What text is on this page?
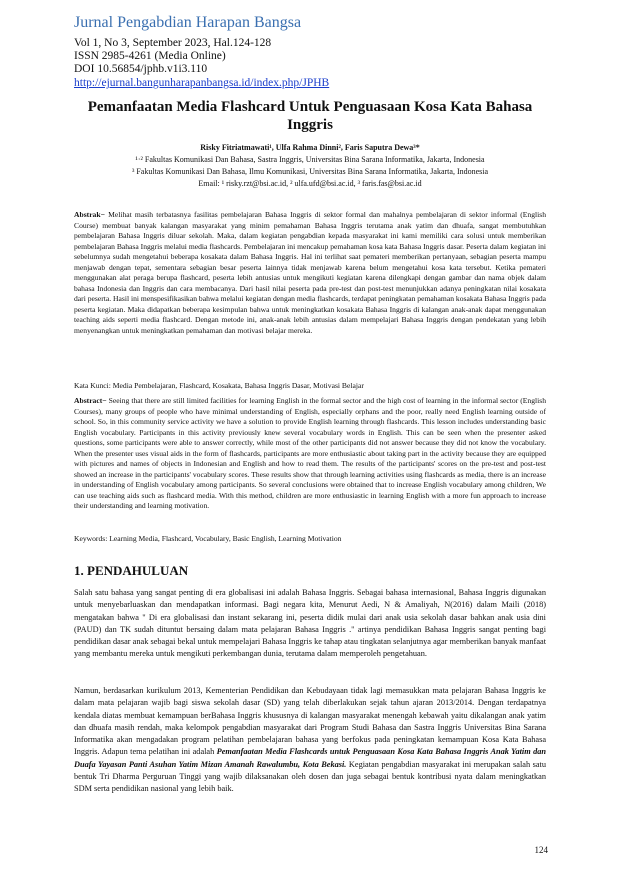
Jurnal Pengabdian Harapan Bangsa
Vol 1, No 3, September 2023, Hal.124-128
ISSN 2985-4261 (Media Online)
DOI 10.56854/jphb.v1i3.110
http://ejurnal.bangunharapanbangsa.id/index.php/JPHB
Pemanfaatan Media Flashcard Untuk Penguasaan Kosa Kata Bahasa Inggris
Risky Fitriatmawati¹, Ulfa Rahma Dinni², Faris Saputra Dewa³*
¹·² Fakultas Komunikasi Dan Bahasa, Sastra Inggris, Universitas Bina Sarana Informatika, Jakarta, Indonesia
³ Fakultas Komunikasi Dan Bahasa, Ilmu Komunikasi, Universitas Bina Sarana Informatika, Jakarta, Indonesia
Email: ¹ risky.rzt@bsi.ac.id, ² ulfa.ufd@bsi.ac.id, ³ faris.fas@bsi.ac.id
Abstrak− Melihat masih terbatasnya fasilitas pembelajaran Bahasa Inggris di sektor formal dan mahalnya pembelajaran di sektor informal (English Course) membuat banyak kalangan masyarakat yang minim pemahaman Bahasa Inggris terutama anak yatim dan dhuafa, sangat membutuhkan pembelajaran Bahasa Inggris diluar sekolah. Maka, dalam kegiatan pengabdian kepada masyarakat ini kami memiliki cara solusi untuk memberikan pembelajaran Bahasa Inggris melalui media flashcards. Pembelajaran ini mencakup pemahaman kosa kata Bahasa Inggris dasar. Peserta dalam kegiatan ini sebelumnya sudah mengetahui beberapa kosakata dalam Bahasa Inggris. Hal ini terlihat saat pemateri memberikan pertanyaan, sebagian peserta mampu menjawab dengan tepat, sementara sebagian besar peserta lainnya tidak menjawab karena belum mengetahui kosa kata tersebut. Ketika pemateri menggunakan alat peraga berupa flashcard, peserta lebih antusias untuk mengikuti kegiatan karena dilengkapi dengan gambar dan nama objek dalam bahasa Indonesia dan Inggris dan cara membacanya. Dari hasil nilai peserta pada pre-test dan post-test menunjukkan adanya peningkatan nilai kosakata dari peserta. Hasil ini menspesifikasikan bahwa melalui kegiatan dengan media flashcards, terdapat peningkatan pemahaman kosakata Bahasa Inggris pada peserta kegiatan. Maka didapatkan beberapa kesimpulan bahwa untuk meningkatkan kosakata Bahasa Inggris di kalangan anak-anak dapat menggunakan teaching aids seperti media flashcard. Dengan metode ini, anak-anak lebih antusias dalam mempelajari Bahasa Inggris dengan pendekatan yang lebih menyenangkan untuk meningkatkan pemahaman dan motivasi belajar mereka.
Kata Kunci: Media Pembelajaran, Flashcard, Kosakata, Bahasa Inggris Dasar, Motivasi Belajar
Abstract− Seeing that there are still limited facilities for learning English in the formal sector and the high cost of learning in the informal sector (English Courses), many groups of people who have minimal understanding of English, especially orphans and the poor, really need English learning outside of school. So, in this community service activity we have a solution to provide English learning through flashcards. This lesson includes understanding basic English vocabulary. Participants in this activity previously knew several vocabulary words in English. This can be seen when the presenter asked questions, some participants were able to answer correctly, while most of the other participants did not answer because they did not know the vocabulary. When the presenter uses visual aids in the form of flashcards, participants are more enthusiastic about taking part in the activity because they are equipped with pictures and names of objects in Indonesian and English and how to read them. The results of the participants' scores on the pre-test and post-test showed an increase in the participants' vocabulary scores. These results show that through learning activities using flashcards as media, there is an increase in understanding of English vocabulary among participants. So several conclusions were obtained that to increase English vocabulary among children, We can use teaching aids such as flashcard media. With this method, children are more enthusiastic in learning English with a more fun approach to increase their understanding and learning motivation.
Keywords: Learning Media, Flashcard, Vocabulary, Basic English, Learning Motivation
1. PENDAHULUAN
Salah satu bahasa yang sangat penting di era globalisasi ini adalah Bahasa Inggris. Sebagai bahasa internasional, Bahasa Inggris digunakan untuk menyebarluaskan dan mendapatkan informasi. Bagi negara kita, Menurut Aedi, N & Amaliyah, N(2016) dalam Maili (2018) mengatakan bahwa " Di era globalisasi dan instant sekarang ini, peserta didik mulai dari anak usia sekolah dasar bahkan anak usia dini (PAUD) dan TK sudah dituntut bersaing dalam mata pelajaran Bahasa Inggris ." artinya pendidikan Bahasa Inggris sangat penting bagi pendidikan dasar anak sebagai bekal untuk mempelajari Bahasa Inggris ke tahap atau tingkatan selanjutnya agar memberikan banyak manfaat yang membantu mereka untuk mengikuti perkembangan dunia, terutama dalam memperoleh pengetahuan.
Namun, berdasarkan kurikulum 2013, Kementerian Pendidikan dan Kebudayaan tidak lagi memasukkan mata pelajaran Bahasa Inggris ke dalam mata pelajaran wajib bagi siswa sekolah dasar (SD) yang telah diberlakukan sejak tahun ajaran 2013/2014. Dengan terdapatnya kendala diatas membuat kemampuan berBahasa Inggris khususnya di kalangan masyarakat menengah kebawah yaitu dikalangan anak yatim dan dhuafa masih rendah, maka kelompok pengabdian masyarakat dari Program Studi Bahasa dan Sastra Inggris Universitas Bina Sarana Informatika akan mengadakan program pelatihan pembelajaran bahasa yang berfokus pada peningkatan kemampuan Kosa Kata Bahasa Inggris. Adapun tema pelatihan ini adalah Pemanfaatan Media Flashcards untuk Penguasaan Kosa Kata Bahasa Inggris Anak Yatim dan Duafa Yayasan Panti Asuhan Yatim Mizan Amanah Rawalumbu, Kota Bekasi. Kegiatan pengabdian masyarakat ini merupakan salah satu bentuk Tri Dharma Perguruan Tinggi yang wajib dilaksanakan oleh dosen dan juga sebagai bentuk kontribusi nyata dalam meningkatkan SDM serta pendidikan nasional yang lebih baik.
124
